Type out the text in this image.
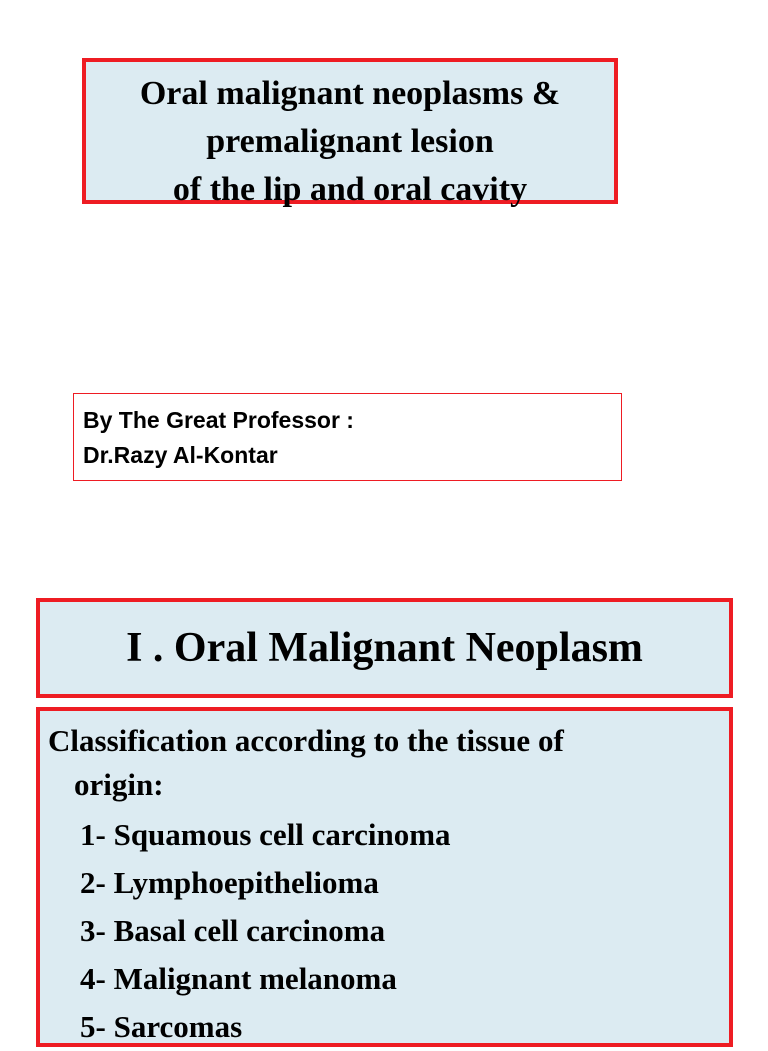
Oral malignant neoplasms &
premalignant lesion
of the lip and oral cavity
By The Great Professor :
Dr.Razy Al-Kontar
I . Oral Malignant Neoplasm
Classification according to the tissue of
origin:
1- Squamous cell carcinoma
2- Lymphoepithelioma
3- Basal cell carcinoma
4- Malignant melanoma
5- Sarcomas
